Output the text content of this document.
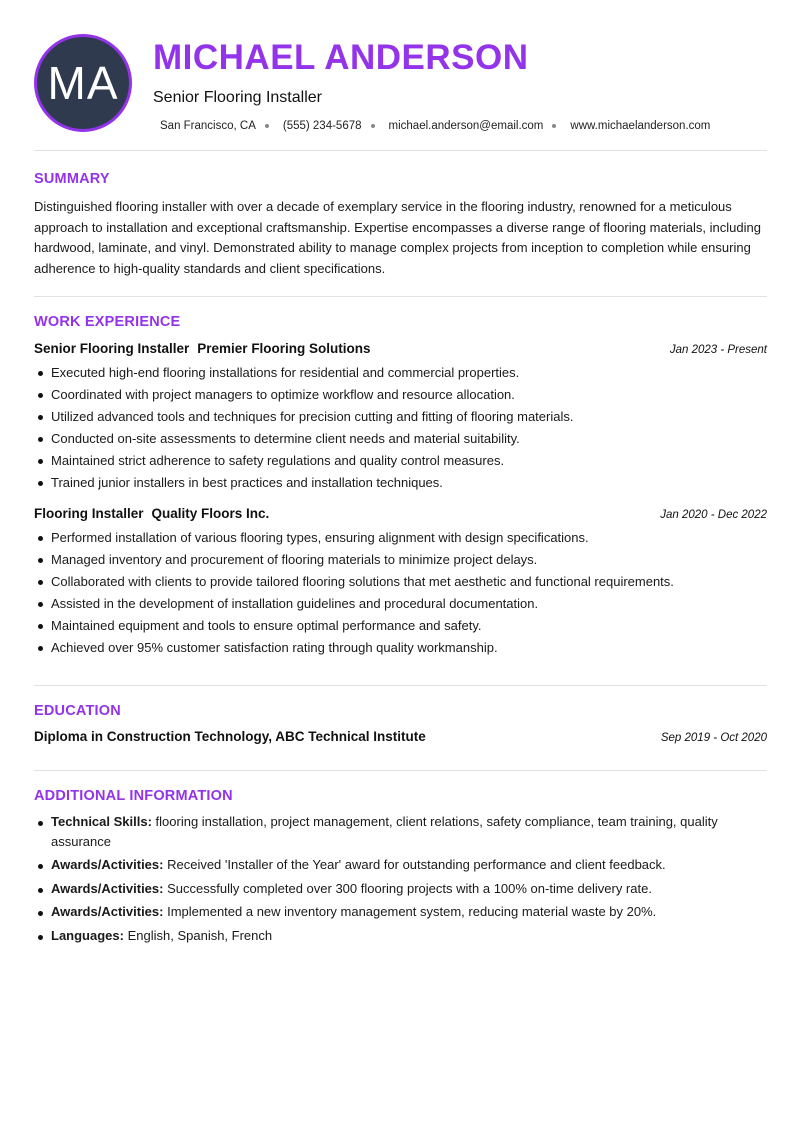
MA MICHAEL ANDERSON
Senior Flooring Installer
San Francisco, CA (555) 234-5678 michael.anderson@email.com www.michaelanderson.com
SUMMARY

Distinguished flooring installer with over a decade of exemplary service in the flooring industry, renowned for a meticulous approach to installation and exceptional craftsmanship. Expertise encompasses a diverse range of flooring materials, including hardwood, laminate, and vinyl. Demonstrated ability to manage complex projects from inception to completion while ensuring adherence to high-quality standards and client specifications.

WORK EXPERIENCE
Senior Flooring Installer Premier Flooring Solutions	Jan 2023 - Present
Executed high-end flooring installations for residential and commercial properties.
Coordinated with project managers to optimize workflow and resource allocation.
Utilized advanced tools and techniques for precision cutting and fitting of flooring materials.
Conducted on-site assessments to determine client needs and material suitability.
Maintained strict adherence to safety regulations and quality control measures.
Trained junior installers in best practices and installation techniques.
Flooring Installer Quality Floors Inc.	Jan 2020 - Dec 2022
Performed installation of various flooring types, ensuring alignment with design specifications.
Managed inventory and procurement of flooring materials to minimize project delays.
Collaborated with clients to provide tailored flooring solutions that met aesthetic and functional requirements.
Assisted in the development of installation guidelines and procedural documentation.
Maintained equipment and tools to ensure optimal performance and safety.
Achieved over 95% customer satisfaction rating through quality workmanship.
EDUCATION
Diploma in Construction Technology, ABC Technical Institute	Sep 2019 - Oct 2020
ADDITIONAL INFORMATION
Technical Skills: flooring installation, project management, client relations, safety compliance, team training, quality assurance
Awards/Activities: Received 'Installer of the Year' award for outstanding performance and client feedback.
Awards/Activities: Successfully completed over 300 flooring projects with a 100% on-time delivery rate.
Awards/Activities: Implemented a new inventory management system, reducing material waste by 20%.
Languages: English, Spanish, French
